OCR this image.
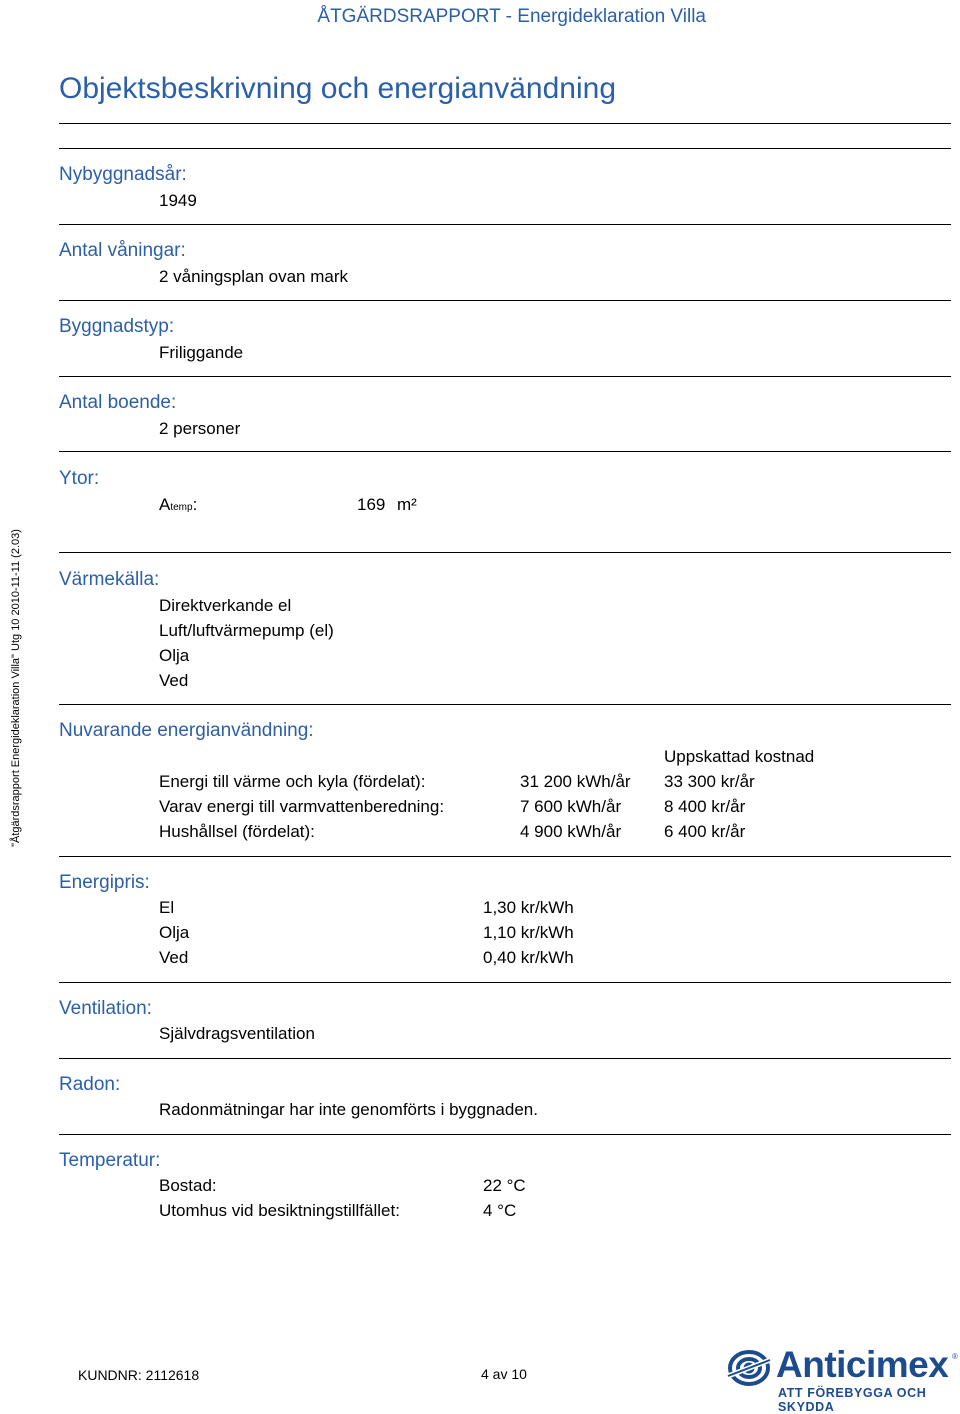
ÅTGÄRDSRAPPORT - Energideklaration Villa
Objektsbeskrivning och energianvändning
"Åtgärdsrapport Energideklaration Villa" Utg 10 2010-11-11 (2.03)
Nybyggnadsår:
1949
Antal våningar:
2 våningsplan ovan mark
Byggnadstyp:
Friliggande
Antal boende:
2 personer
Ytor:
Atemp:	169 m²
Värmekälla:
Direktverkande el
Luft/luftvärmepump (el)
Olja
Ved
Nuvarande energianvändning:
Uppskattad kostnad
Energi till värme och kyla (fördelat):	31 200 kWh/år 33 300 kr/år
Varav energi till varmvattenberedning:	7 600 kWh/år	8 400 kr/år
Hushållsel (fördelat):	4 900 kWh/år	6 400 kr/år
Energipris:
El	1,30 kr/kWh
Olja	1,10 kr/kWh
Ved	0,40 kr/kWh
Ventilation:
Självdragsventilation
Radon:
Radonmätningar har inte genomförts i byggnaden.
Temperatur:
Bostad:	22 °C
Utomhus vid besiktningstillfället:	4 °C
KUNDNR: 2112618	4 av 10	Anticimex ®
ATT FÖREBYGGA OCH SKYDDA
